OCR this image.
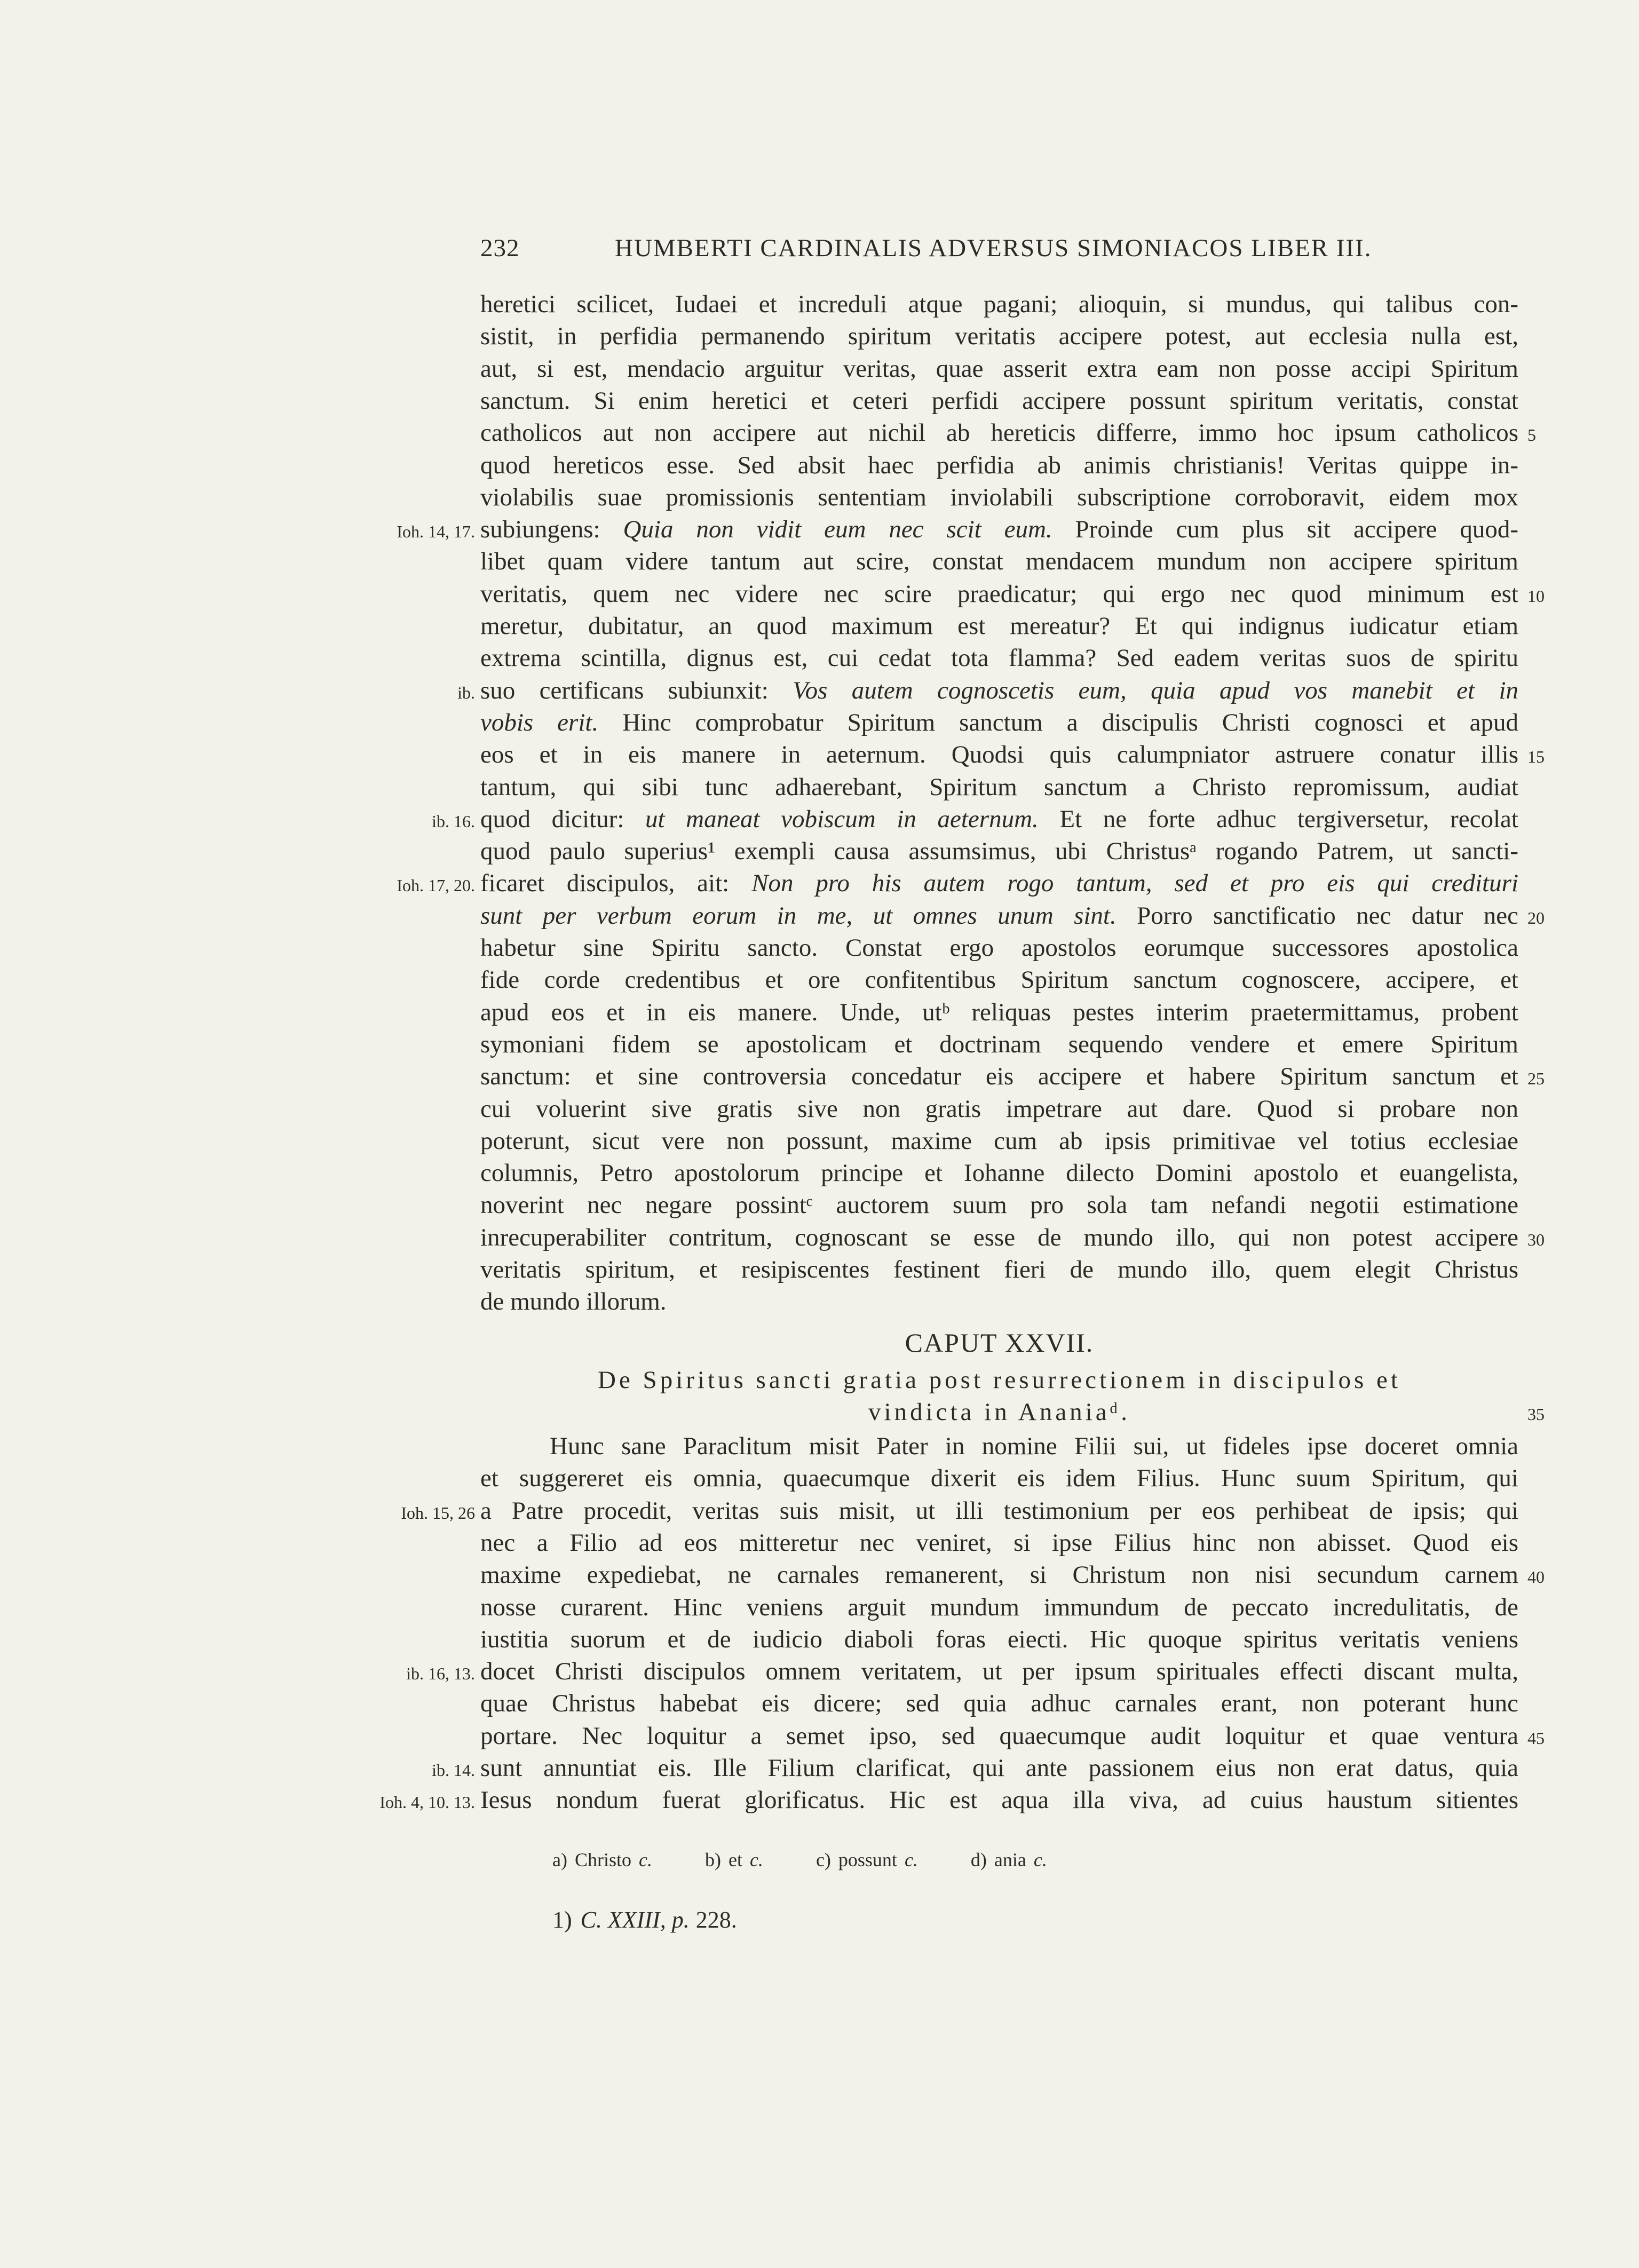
232	HUMBERTI CARDINALIS ADVERSUS SIMONIACOS LIBER III.
heretici scilicet, Iudaei et increduli atque pagani; alioquin, si mundus, qui talibus con-
sistit, in perfidia permanendo spiritum veritatis accipere potest, aut ecclesia nulla est,
aut, si est, mendacio arguitur veritas, quae asserit extra eam non posse accipi Spiritum
sanctum. Si enim heretici et ceteri perfidi accipere possunt spiritum veritatis, constat
catholicos aut non accipere aut nichil ab hereticis differre, immo hoc ipsum catholicos 5
quod hereticos esse. Sed absit haec perfidia ab animis christianis! Veritas quippe in-
violabilis suae promissionis sententiam inviolabili subscriptione corroboravit, eidem mox
subiungens: Quia non vidit eum nec scit eum. Proinde cum plus sit accipere quod-
Ioh. 14, 17.
libet quam videre tantum aut scire, constat mendacem mundum non accipere spiritum
veritatis, quem nec videre nec scire praedicatur; qui ergo nec quod minimum est 10
meretur, dubitatur, an quod maximum est mereatur? Et qui indignus iudicatur etiam
extrema scintilla, dignus est, cui cedat tota flamma? Sed eadem veritas suos de spiritu
suo certificans subiunxit: Vos autem cognoscetis eum, quia apud vos manebit et in
ib.
vobis erit. Hinc comprobatur Spiritum sanctum a discipulis Christi cognosci et apud
eos et in eis manere in aeternum. Quodsi quis calumpniator astruere conatur illis 15
tantum, qui sibi tunc adhaerebant, Spiritum sanctum a Christo repromissum, audiat
quod dicitur: ut maneat vobiscum in aeternum. Et ne forte adhuc tergiversetur, recolat
ib. 16.
quod paulo superius¹ exempli causa assumsimus, ubi Christusᵃ rogando Patrem, ut sancti-
ficaret discipulos, ait: Non pro his autem rogo tantum, sed et pro eis qui credituri
Ioh. 17, 20.
sunt per verbum eorum in me, ut omnes unum sint. Porro sanctificatio nec datur nec 20
habetur sine Spiritu sancto. Constat ergo apostolos eorumque successores apostolica
fide corde credentibus et ore confitentibus Spiritum sanctum cognoscere, accipere, et
apud eos et in eis manere. Unde, utᵇ reliquas pestes interim praetermittamus, probent
symoniani fidem se apostolicam et doctrinam sequendo vendere et emere Spiritum
sanctum: et sine controversia concedatur eis accipere et habere Spiritum sanctum et 25
cui voluerint sive gratis sive non gratis impetrare aut dare. Quod si probare non
poterunt, sicut vere non possunt, maxime cum ab ipsis primitivae vel totius ecclesiae
columnis, Petro apostolorum principe et Iohanne dilecto Domini apostolo et euangelista,
noverint nec negare possintᶜ auctorem suum pro sola tam nefandi negotii estimatione
inrecuperabiliter contritum, cognoscant se esse de mundo illo, qui non potest accipere 30
veritatis spiritum, et resipiscentes festinent fieri de mundo illo, quem elegit Christus
de mundo illorum.
CAPUT XXVII.
De Spiritus sancti gratia post resurrectionem in discipulos et
vindicta in Ananiaᵈ.	35
Hunc sane Paraclitum misit Pater in nomine Filii sui, ut fideles ipse doceret omnia
et suggereret eis omnia, quaecumque dixerit eis idem Filius. Hunc suum Spiritum, qui
a Patre procedit, veritas suis misit, ut illi testimonium per eos perhibeat de ipsis; qui
Ioh. 15, 26
nec a Filio ad eos mitteretur nec veniret, si ipse Filius hinc non abisset. Quod eis
maxime expediebat, ne carnales remanerent, si Christum non nisi secundum carnem 40
nosse curarent. Hinc veniens arguit mundum immundum de peccato incredulitatis, de
iustitia suorum et de iudicio diaboli foras eiecti. Hic quoque spiritus veritatis veniens
docet Christi discipulos omnem veritatem, ut per ipsum spirituales effecti discant multa,
ib. 16, 13.
quae Christus habebat eis dicere; sed quia adhuc carnales erant, non poterant hunc
portare. Nec loquitur a semet ipso, sed quaecumque audit loquitur et quae ventura 45
sunt annuntiat eis. Ille Filium clarificat, qui ante passionem eius non erat datus, quia
ib. 14.
Iesus nondum fuerat glorificatus. Hic est aqua illa viva, ad cuius haustum sitientes
Ioh. 4, 10. 13.
a) Christo c.	b) et c.	c) possunt c.	d) ania c.
1) C. XXIII, p. 228.
